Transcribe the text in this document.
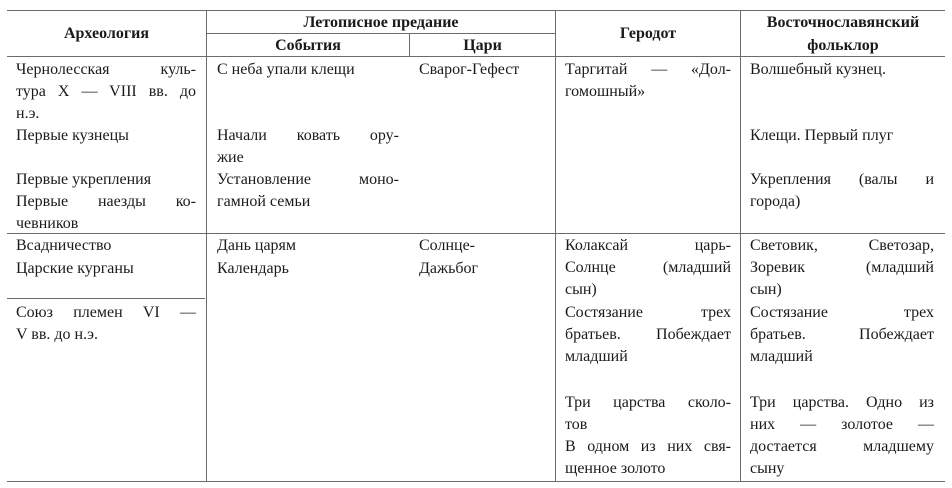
Археология
Летописное предание
События	Цари
Геродот
Восточнославянский
фольклор
Чернолесская куль-
тура X — VIII вв. до
н.э.
Первые кузнецы
Первые укрепления
Первые наезды ко-
чевников
С неба упали клещи
Начали ковать ору-
жие
Установление моно-
гамной семьи
Сварог-Гефест	Таргитай — «Дол-
гомошный»
Волшебный кузнец.
Клещи. Первый плуг
Укрепления (валы и
города)
Всадничество
Царские курганы
Союз племен VI —
V вв. до н.э.
Дань царям
Календарь
Солнце-
Дажьбог
Колаксай царь-
Солнце (младший
сын)
Состязание трех
братьев. Побеждает
младший
Три царства сколо-
тов
В одном из них свя-
щенное золото
Световик, Светозар,
Зоревик (младший
сын)
Состязание трех
братьев. Побеждает
младший
Три царства. Одно из
них — золотое —
достается младшему
сыну
